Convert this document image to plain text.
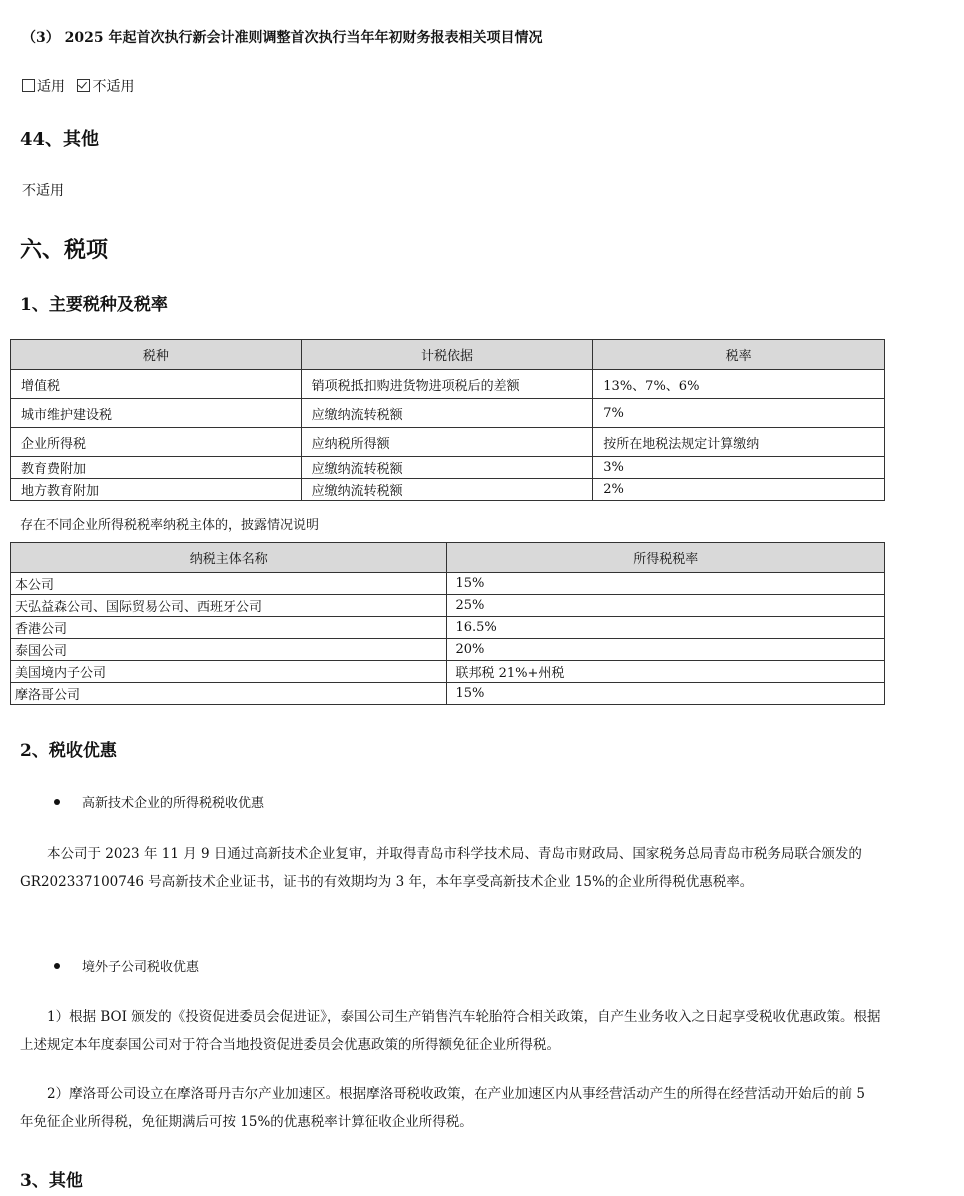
（3） 2025 年起首次执行新会计准则调整首次执行当年年初财务报表相关项目情况
适用 不适用
44、其他
不适用
六、税项
1、主要税种及税率
税种	计税依据	税率
增值税	销项税抵扣购进货物进项税后的差额	13%、7%、6%
城市维护建设税	应缴纳流转税额	7%
企业所得税	应纳税所得额	按所在地税法规定计算缴纳
教育费附加	应缴纳流转税额	3%
地方教育附加	应缴纳流转税额	2%
存在不同企业所得税税率纳税主体的，披露情况说明
纳税主体名称	所得税税率
本公司	15%
天弘益森公司、国际贸易公司、西班牙公司	25%
香港公司	16.5%
泰国公司	20%
美国境内子公司	联邦税 21%+州税
摩洛哥公司	15%
2、税收优惠
高新技术企业的所得税税收优惠
本公司于 2023 年 11 月 9 日通过高新技术企业复审，并取得青岛市科学技术局、青岛市财政局、国家税务总局青岛市税务局联合颁发的 GR202337100746 号高新技术企业证书，证书的有效期均为 3 年，本年享受高新技术企业 15%的企业所得税优惠税率。
境外子公司税收优惠
1）根据 BOI 颁发的《投资促进委员会促进证》，泰国公司生产销售汽车轮胎符合相关政策，自产生业务收入之日起享受税收优惠政策。根据上述规定本年度泰国公司对于符合当地投资促进委员会优惠政策的所得额免征企业所得税。
2）摩洛哥公司设立在摩洛哥丹吉尔产业加速区。根据摩洛哥税收政策，在产业加速区内从事经营活动产生的所得在经营活动开始后的前 5 年免征企业所得税，免征期满后可按 15%的优惠税率计算征收企业所得税。
3、其他
